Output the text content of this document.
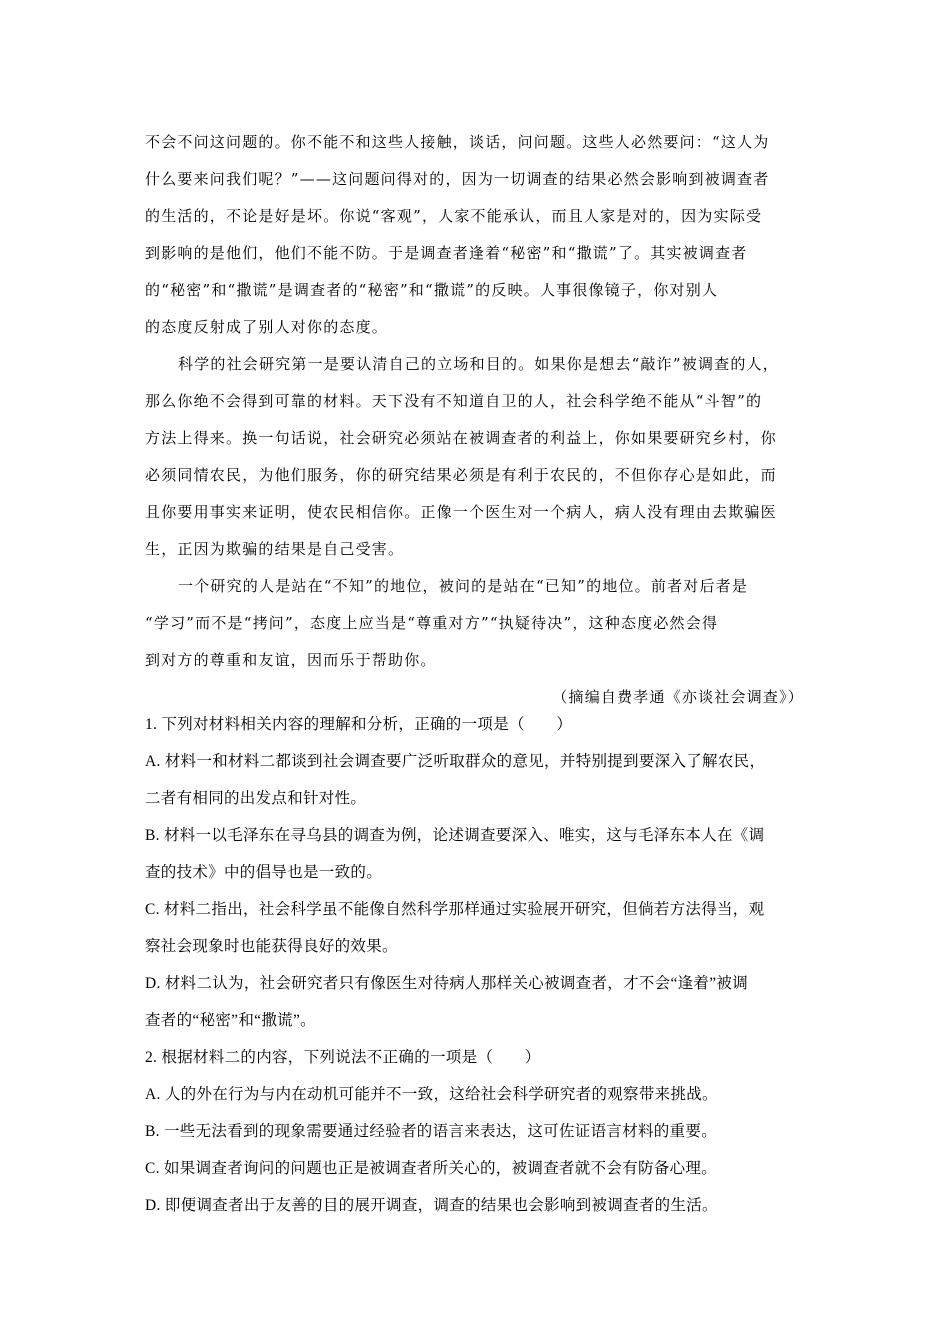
不会不问这问题的。你不能不和这些人接触，谈话，问问题。这些人必然要问：“这人为
什么要来问我们呢？”——这问题问得对的，因为一切调查的结果必然会影响到被调查者
的生活的，不论是好是坏。你说“客观”，人家不能承认，而且人家是对的，因为实际受
到影响的是他们，他们不能不防。于是调查者逢着“秘密”和“撒谎”了。其实被调查者
的“秘密”和“撒谎”是调查者的“秘密”和“撒谎”的反映。人事很像镜子，你对别人
的态度反射成了别人对你的态度。
科学的社会研究第一是要认清自己的立场和目的。如果你是想去“敲诈”被调查的人，
那么你绝不会得到可靠的材料。天下没有不知道自卫的人，社会科学绝不能从“斗智”的
方法上得来。换一句话说，社会研究必须站在被调查者的利益上，你如果要研究乡村，你
必须同情农民，为他们服务，你的研究结果必须是有利于农民的，不但你存心是如此，而
且你要用事实来证明，使农民相信你。正像一个医生对一个病人，病人没有理由去欺骗医
生，正因为欺骗的结果是自己受害。
一个研究的人是站在“不知”的地位，被问的是站在“已知”的地位。前者对后者是
“学习”而不是“拷问”，态度上应当是“尊重对方”“执疑待决”，这种态度必然会得
到对方的尊重和友谊，因而乐于帮助你。
（摘编自费孝通《亦谈社会调查》）
1. 下列对材料相关内容的理解和分析，正确的一项是（　　）
A. 材料一和材料二都谈到社会调查要广泛听取群众的意见，并特别提到要深入了解农民，
二者有相同的出发点和针对性。
B. 材料一以毛泽东在寻乌县的调查为例，论述调查要深入、唯实，这与毛泽东本人在《调
查的技术》中的倡导也是一致的。
C. 材料二指出，社会科学虽不能像自然科学那样通过实验展开研究，但倘若方法得当，观
察社会现象时也能获得良好的效果。
D. 材料二认为，社会研究者只有像医生对待病人那样关心被调查者，才不会“逢着”被调
查者的“秘密”和“撒谎”。
2. 根据材料二的内容，下列说法不正确的一项是（　　）
A. 人的外在行为与内在动机可能并不一致，这给社会科学研究者的观察带来挑战。
B. 一些无法看到的现象需要通过经验者的语言来表达，这可佐证语言材料的重要。
C. 如果调查者询问的问题也正是被调查者所关心的，被调查者就不会有防备心理。
D. 即便调查者出于友善的目的展开调查，调查的结果也会影响到被调查者的生活。
